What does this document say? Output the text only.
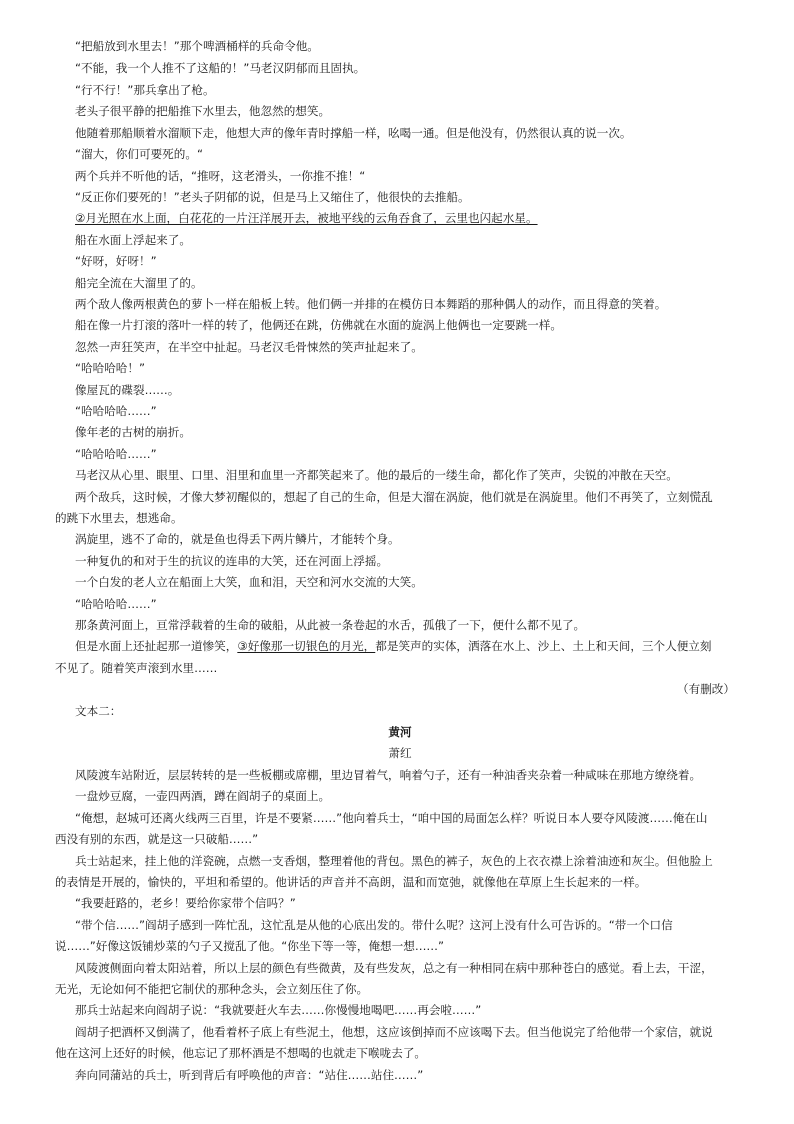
“把船放到水里去！”那个啤酒桶样的兵命令他。
“不能，我一个人推不了这船的！”马老汉阴郁而且固执。
“行不行！”那兵拿出了枪。
老头子很平静的把船推下水里去，他忽然的想笑。
他随着那船顺着水溜顺下走，他想大声的像年青时撑船一样，吆喝一通。但是他没有，仍然很认真的说一次。
“溜大，你们可要死的。“
两个兵并不听他的话，“推呀，这老滑头，一你推不推！“
“反正你们要死的！”老头子阴郁的说，但是马上又缩住了，他很快的去推船。
②月光照在水上面，白花花的一片汪洋展开去，被地平线的云角吞食了，云里也闪起水星。
船在水面上浮起来了。
“好呀，好呀！”
船完全流在大溜里了的。
两个敌人像两根黄色的萝卜一样在船板上转。他们俩一并排的在模仿日本舞蹈的那种偶人的动作，而且得意的笑着。
船在像一片打滚的落叶一样的转了，他俩还在跳，仿佛就在水面的旋涡上他俩也一定要跳一样。
忽然一声狂笑声，在半空中扯起。马老汉毛骨悚然的笑声扯起来了。
“哈哈哈哈！”
像屋瓦的碟裂……。
“哈哈哈哈……”
像年老的古树的崩折。
“哈哈哈哈……”
马老汉从心里、眼里、口里、泪里和血里一齐都笑起来了。他的最后的一缕生命，都化作了笑声，尖锐的冲散在天空。
两个敌兵，这时候，才像大梦初醒似的，想起了自己的生命，但是大溜在涡旋，他们就是在涡旋里。他们不再笑了，立刻慌乱
的跳下水里去，想逃命。
涡旋里，逃不了命的，就是鱼也得丢下两片鳞片，才能转个身。
一种复仇的和对于生的抗议的连串的大笑，还在河面上浮摇。
一个白发的老人立在船面上大笑，血和泪，天空和河水交流的大笑。
“哈哈哈哈……”
那条黄河面上，亘常浮载着的生命的破船，从此被一条卷起的水舌，孤俄了一下，便什么都不见了。
但是水面上还扯起那一道惨笑，③好像那一切银色的月光，都是笑声的实体，洒落在水上、沙上、土上和天间，三个人便立刻
不见了。随着笑声滚到水里……
（有删改）
文本二：
黄河
萧红
风陵渡车站附近，层层转转的是一些板棚或席棚，里边冒着气，响着勺子，还有一种油香夹杂着一种咸味在那地方缭绕着。
一盘炒豆腐，一壶四两酒，蹲在阎胡子的桌面上。
“俺想，赵城可还离火线两三百里，许是不要紧……”他向着兵士，“咱中国的局面怎么样？听说日本人要夺风陵渡……俺在山
西没有别的东西，就是这一只破船……”
兵士站起来，挂上他的洋瓷碗，点燃一支香烟，整理着他的背包。黑色的裤子，灰色的上衣衣襟上涂着油迹和灰尘。但他脸上
的表情是开展的，愉快的，平坦和希望的。他讲话的声音并不高朗，温和而宽弛，就像他在草原上生长起来的一样。
“我要赶路的，老乡！要给你家带个信吗？”
“带个信……”阎胡子感到一阵忙乱，这忙乱是从他的心底出发的。带什么呢？这河上没有什么可告诉的。“带一个口信
说……”好像这饭铺炒菜的勺子又搅乱了他。“你坐下等一等，俺想一想……”
风陵渡侧面向着太阳站着，所以上层的颜色有些微黄，及有些发灰，总之有一种相同在病中那种苍白的感觉。看上去，干涩，
无光，无论如何不能把它制伏的那种念头，会立刻压住了你。
那兵士站起来向阎胡子说：“我就要赶火车去……你慢慢地喝吧……再会啦……”
阎胡子把酒杯又倒满了，他看着杯子底上有些泥土，他想，这应该倒掉而不应该喝下去。但当他说完了给他带一个家信，就说
他在这河上还好的时候，他忘记了那杯酒是不想喝的也就走下喉咙去了。
奔向同蒲站的兵士，听到背后有呼唤他的声音：“站住……站住……”
